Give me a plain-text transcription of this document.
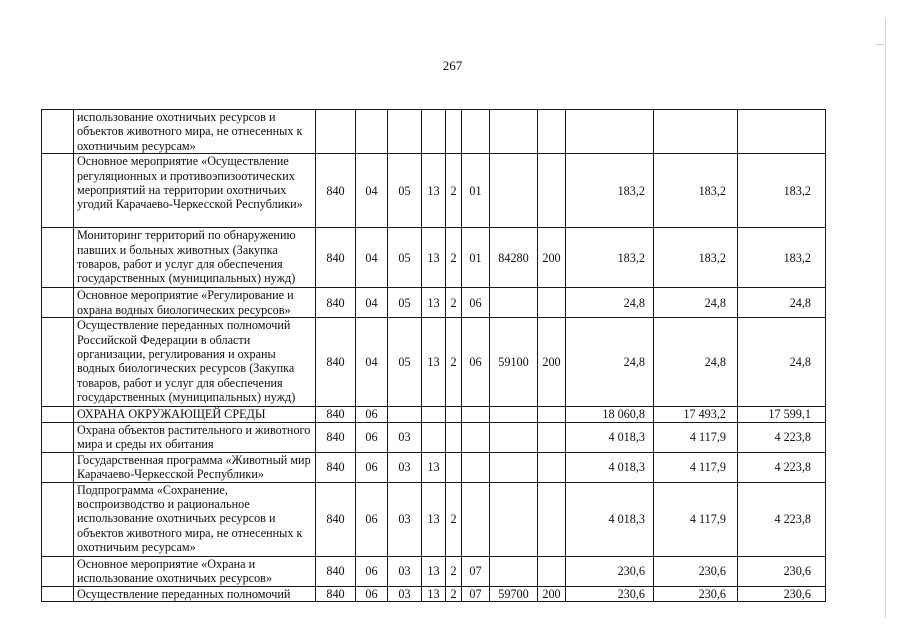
267
	использование охотничьих ресурсов и объектов животного мира, не отнесенных к охотничьим ресурсам»											
	Основное мероприятие «Осуществление регуляционных и противоэпизоотических мероприятий на территории охотничьих угодий Карачаево-Черкесской Республики»	840	04	05	13	2	01			183,2	183,2	183,2
	Мониторинг территорий по обнаружению павших и больных животных (Закупка товаров, работ и услуг для обеспечения государственных (муниципальных) нужд)	840	04	05	13	2	01	84280	200	183,2	183,2	183,2
	Основное мероприятие «Регулирование и охрана водных биологических ресурсов»	840	04	05	13	2	06			24,8	24,8	24,8
	Осуществление переданных полномочий Российской Федерации в области организации, регулирования и охраны водных биологических ресурсов (Закупка товаров, работ и услуг для обеспечения государственных (муниципальных) нужд)	840	04	05	13	2	06	59100	200	24,8	24,8	24,8
	ОХРАНА ОКРУЖАЮЩЕЙ СРЕДЫ	840	06							18 060,8	17 493,2	17 599,1
	Охрана объектов растительного и животного мира и среды их обитания	840	06	03						4 018,3	4 117,9	4 223,8
	Государственная программа «Животный мир Карачаево-Черкесской Республики»	840	06	03	13					4 018,3	4 117,9	4 223,8
	Подпрограмма «Сохранение, воспроизводство и рациональное использование охотничьих ресурсов и объектов животного мира, не отнесенных к охотничьим ресурсам»	840	06	03	13	2				4 018,3	4 117,9	4 223,8
	Основное мероприятие «Охрана и использование охотничьих ресурсов»	840	06	03	13	2	07			230,6	230,6	230,6
	Осуществление переданных полномочий	840	06	03	13	2	07	59700	200	230,6	230,6	230,6
